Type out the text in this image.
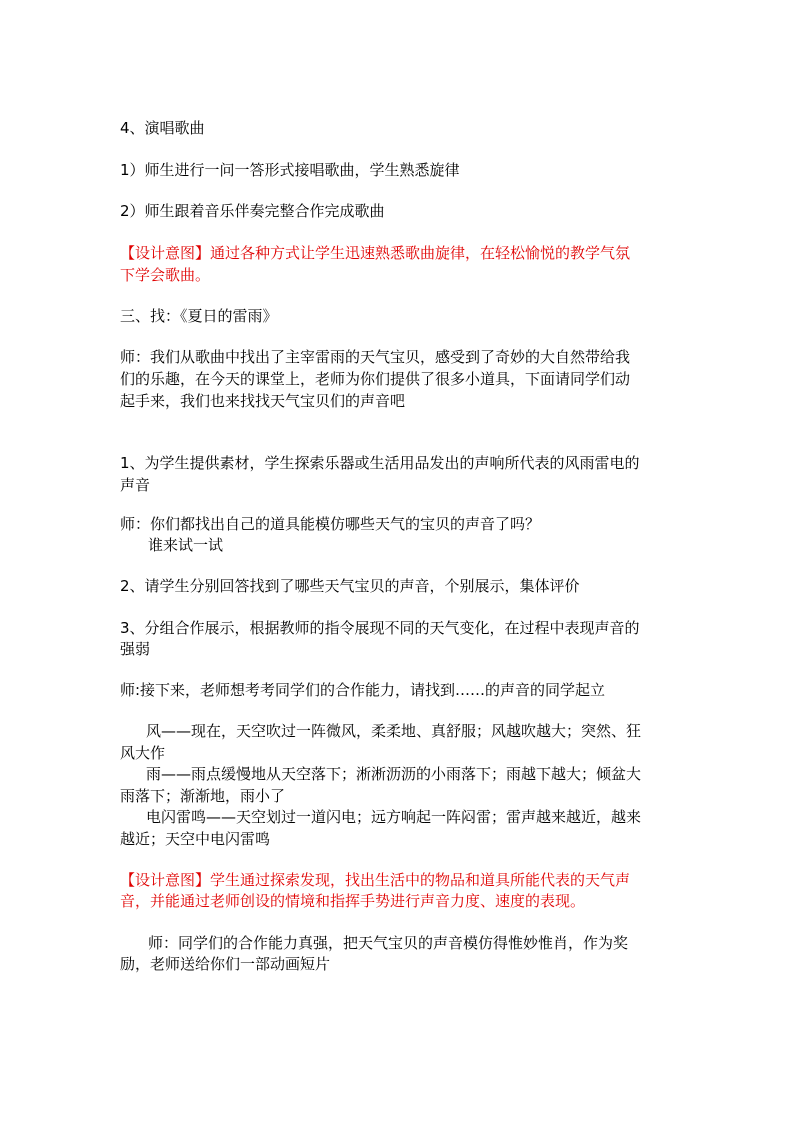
4、演唱歌曲
1）师生进行一问一答形式接唱歌曲，学生熟悉旋律
2）师生跟着音乐伴奏完整合作完成歌曲
【设计意图】通过各种方式让学生迅速熟悉歌曲旋律，在轻松愉悦的教学气氛
下学会歌曲。
三、找：《夏日的雷雨》
师：我们从歌曲中找出了主宰雷雨的天气宝贝，感受到了奇妙的大自然带给我
们的乐趣，在今天的课堂上，老师为你们提供了很多小道具，下面请同学们动
起手来，我们也来找找天气宝贝们的声音吧
1、为学生提供素材，学生探索乐器或生活用品发出的声响所代表的风雨雷电的
声音
师：你们都找出自己的道具能模仿哪些天气的宝贝的声音了吗？
谁来试一试
2、请学生分别回答找到了哪些天气宝贝的声音，个别展示，集体评价
3、分组合作展示，根据教师的指令展现不同的天气变化，在过程中表现声音的
强弱
师:接下来，老师想考考同学们的合作能力，请找到……的声音的同学起立
风——现在，天空吹过一阵微风，柔柔地、真舒服；风越吹越大；突然、狂
风大作
雨——雨点缓慢地从天空落下；淅淅沥沥的小雨落下；雨越下越大；倾盆大
雨落下；渐渐地，雨小了
电闪雷鸣——天空划过一道闪电；远方响起一阵闷雷；雷声越来越近，越来
越近；天空中电闪雷鸣
【设计意图】学生通过探索发现，找出生活中的物品和道具所能代表的天气声
音，并能通过老师创设的情境和指挥手势进行声音力度、速度的表现。
师：同学们的合作能力真强，把天气宝贝的声音模仿得惟妙惟肖，作为奖
励，老师送给你们一部动画短片
